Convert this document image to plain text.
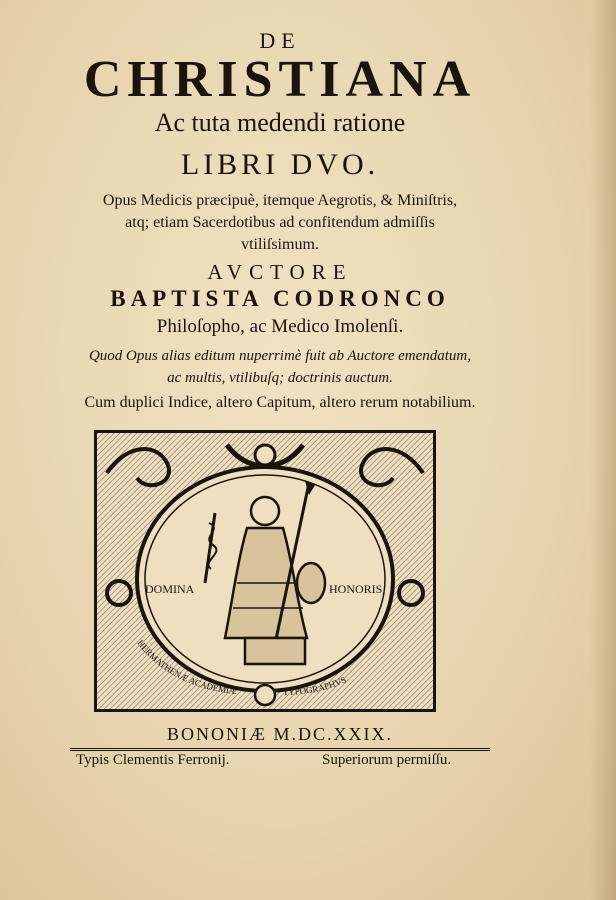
DE
CHRISTIANA
Ac tuta medendi ratione
LIBRI DVO.
Opus Medicis præcipuè, itemque Aegrotis, & Miniſtris,
atq; etiam Sacerdotibus ad confitendum admiſſis
vtiliſsimum.
AVCTORE
BAPTISTA CODRONCO
Philoſopho, ac Medico Imolenſi.
Quod Opus alias editum nuperrimè fuit ab Auctore emendatum,
ac multis, vtilibuſq; doctrinis auctum.
Cum duplici Indice, altero Capitum, altero rerum notabilium.
DOMINA	HONORIS
HERMATHENÆ ACADEMIÆ	TYPOGRAPHVS
BONONIÆ M.DC.XXIX.
Typis Clementis Ferronij.	Superiorum permiſſu.
